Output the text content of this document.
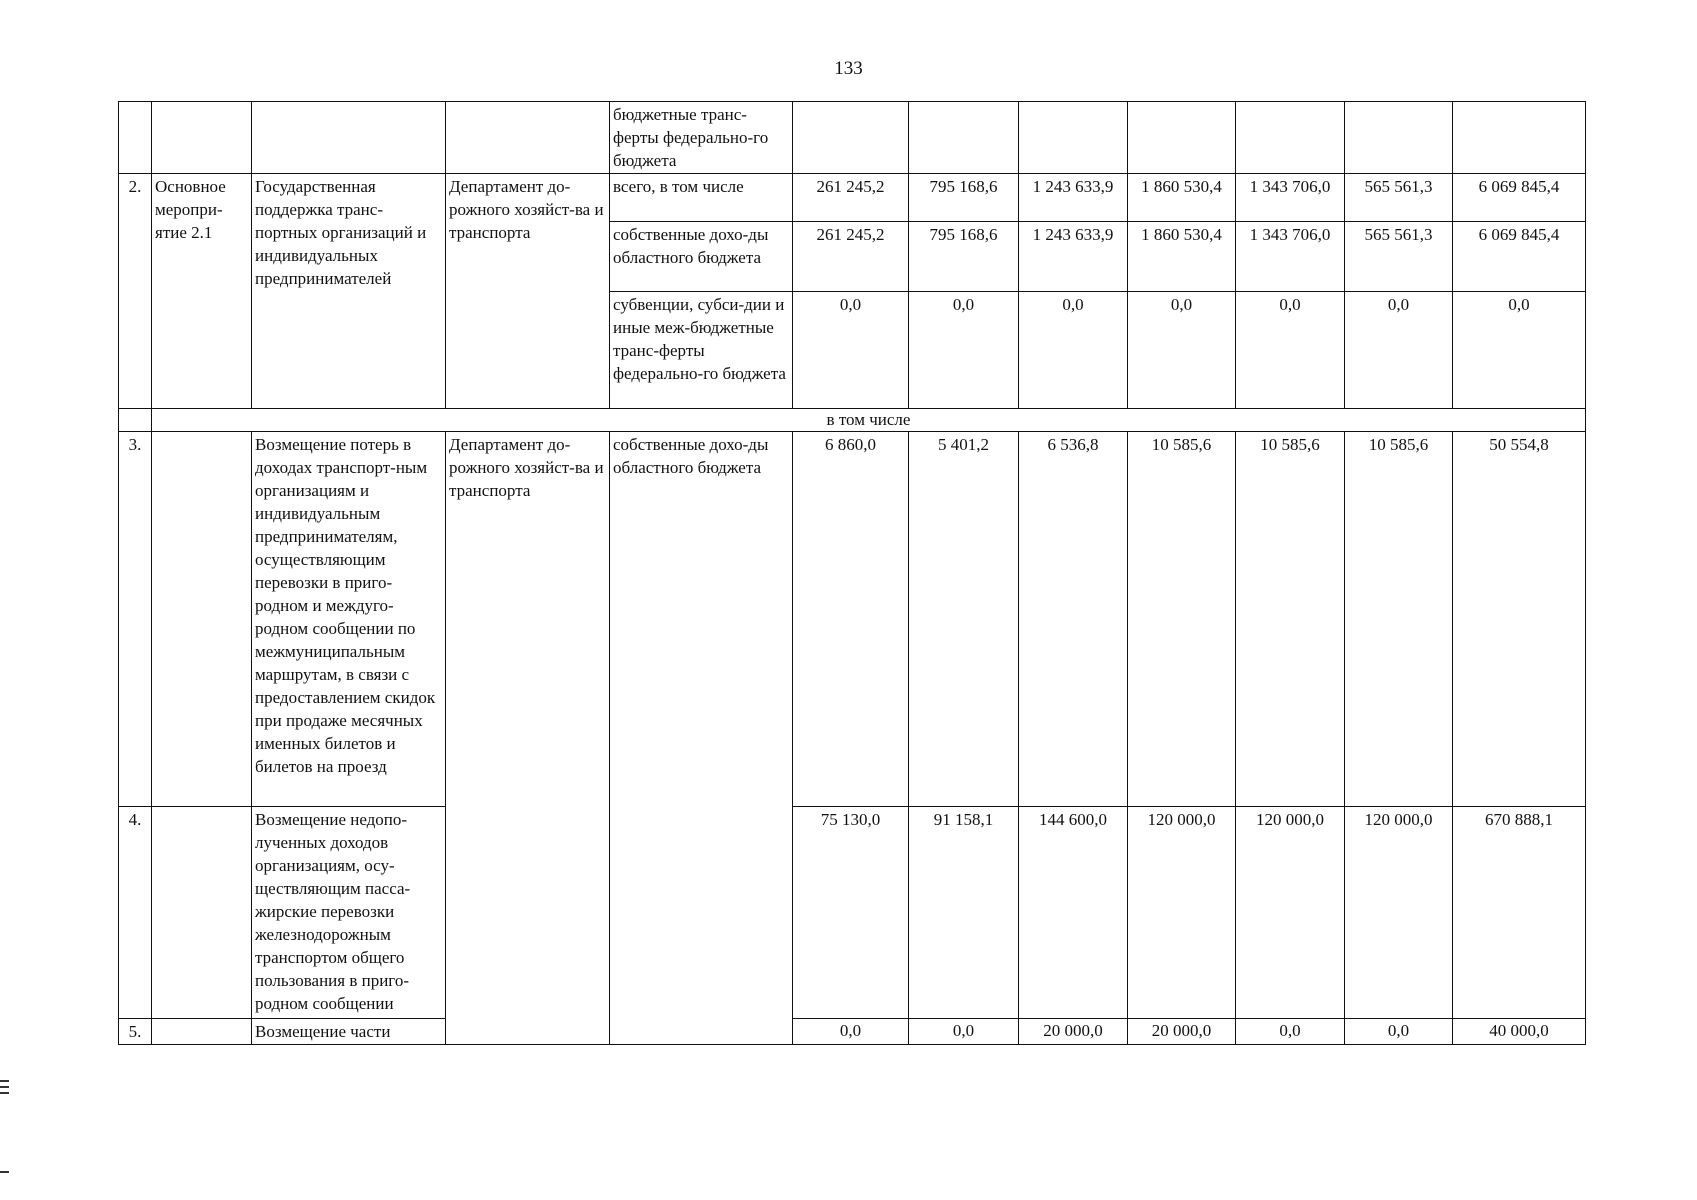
133
				бюджетные транс-ферты федерально-го бюджета							
2.	Основное меропри-ятие 2.1	Государственная поддержка транс-портных организаций и индивидуальных предпринимателей	Департамент до-рожного хозяйст-ва и транспорта	всего, в том числе	261 245,2	795 168,6	1 243 633,9	1 860 530,4	1 343 706,0	565 561,3	6 069 845,4
				собственные дохо-ды областного бюджета	261 245,2	795 168,6	1 243 633,9	1 860 530,4	1 343 706,0	565 561,3	6 069 845,4
				субвенции, субси-дии и иные меж-бюджетные транс-ферты федерально-го бюджета	0,0	0,0	0,0	0,0	0,0	0,0	0,0
	в том числе										
3.		Возмещение потерь в доходах транспорт-ным организациям и индивидуальным предпринимателям, осуществляющим перевозки в приго-родном и междуго-родном сообщении по межмуниципальным маршрутам, в связи с предоставлением скидок при продаже месячных именных билетов и билетов на проезд	Департамент до-рожного хозяйст-ва и транспорта	собственные дохо-ды областного бюджета	6 860,0	5 401,2	6 536,8	10 585,6	10 585,6	10 585,6	50 554,8
4.		Возмещение недопо-лученных доходов организациям, осу-ществляющим пасса-жирские перевозки железнодорожным транспортом общего пользования в приго-родном сообщении			75 130,0	91 158,1	144 600,0	120 000,0	120 000,0	120 000,0	670 888,1
5.		Возмещение части			0,0	0,0	20 000,0	20 000,0	0,0	0,0	40 000,0
